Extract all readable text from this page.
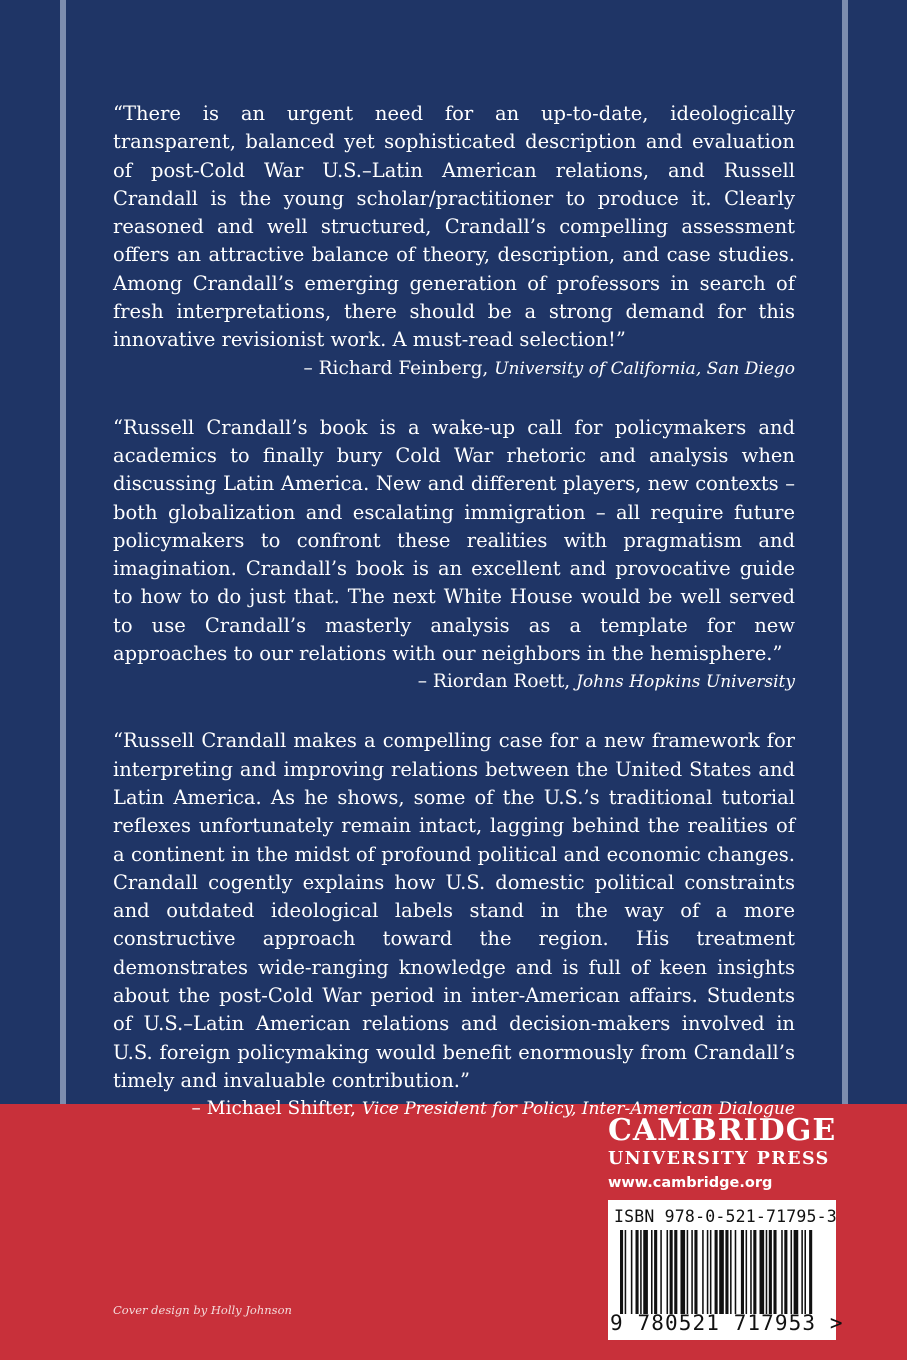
“There is an urgent need for an up-to-date, ideologically transparent, balanced yet sophisticated description and evaluation of post-Cold War U.S.–Latin American relations, and Russell Crandall is the young scholar/practitioner to produce it. Clearly reasoned and well structured, Crandall’s compelling assessment offers an attractive balance of theory, description, and case studies. Among Crandall’s emerging generation of professors in search of fresh interpretations, there should be a strong demand for this innovative revisionist work. A must-read selection!”

– Richard Feinberg, University of California, San Diego

“Russell Crandall’s book is a wake-up call for policymakers and academics to finally bury Cold War rhetoric and analysis when discussing Latin America. New and different players, new contexts – both globalization and escalating immigration – all require future policymakers to confront these realities with pragmatism and imagination. Crandall’s book is an excellent and provocative guide to how to do just that. The next White House would be well served to use Crandall’s masterly analysis as a template for new approaches to our relations with our neighbors in the hemisphere.”

– Riordan Roett, Johns Hopkins University

“Russell Crandall makes a compelling case for a new framework for interpreting and improving relations between the United States and Latin America. As he shows, some of the U.S.’s traditional tutorial reflexes unfortunately remain intact, lagging behind the realities of a continent in the midst of profound political and economic changes. Crandall cogently explains how U.S. domestic political constraints and outdated ideological labels stand in the way of a more constructive approach toward the region. His treatment demonstrates wide-ranging knowledge and is full of keen insights about the post-Cold War period in inter-American affairs. Students of U.S.–Latin American relations and decision-makers involved in U.S. foreign policymaking would benefit enormously from Crandall’s timely and invaluable contribution.”

– Michael Shifter, Vice President for Policy, Inter-American Dialogue
CAMBRIDGE
UNIVERSITY PRESS
www.cambridge.org
ISBN 978-0-521-71795-3
9 780521 717953 >
Cover design by Holly Johnson
